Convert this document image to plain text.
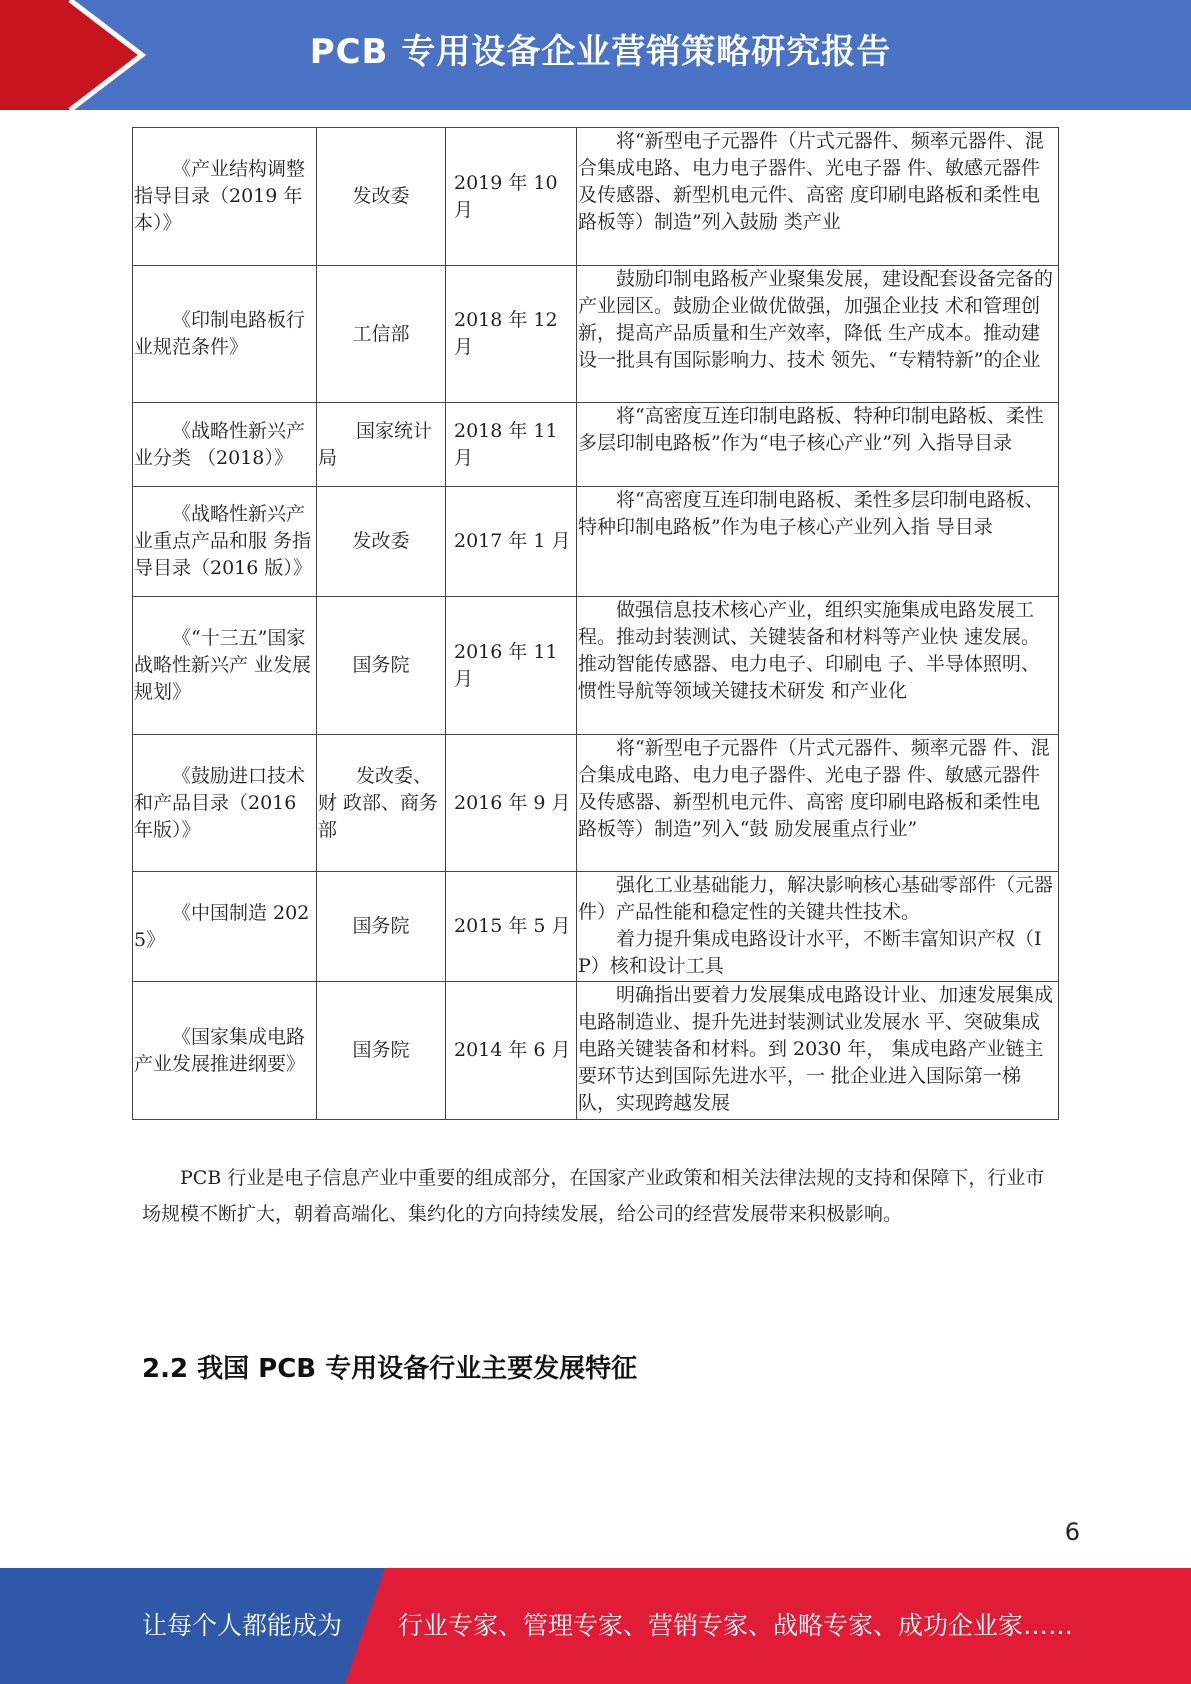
PCB 专用设备企业营销策略研究报告
《产业结构调整指导目录（2019 年本）》	发改委	2019 年 10 月	将“新型电子元器件（片式元器件、频率元器件、混合集成电路、电力电子器件、光电子器 件、敏感元器件及传感器、新型机电元件、高密 度印刷电路板和柔性电路板等）制造”列入鼓励 类产业
《印制电路板行业规范条件》	工信部	2018 年 12 月	鼓励印制电路板产业聚集发展，建设配套设备完备的产业园区。鼓励企业做优做强，加强企业技 术和管理创新，提高产品质量和生产效率，降低 生产成本。推动建设一批具有国际影响力、技术 领先、“专精特新”的企业
《战略性新兴产业分类 （2018）》	国家统计局	2018 年 11 月	将“高密度互连印制电路板、特种印制电路板、柔性多层印制电路板”作为“电子核心产业”列 入指导目录
《战略性新兴产业重点产品和服 务指导目录（2016 版）》	发改委	2017 年 1 月	将“高密度互连印制电路板、柔性多层印制电路板、特种印制电路板”作为电子核心产业列入指 导目录
《“十三五”国家战略性新兴产 业发展规划》	国务院	2016 年 11 月	做强信息技术核心产业，组织实施集成电路发展工程。推动封装测试、关键装备和材料等产业快 速发展。推动智能传感器、电力电子、印刷电 子、半导体照明、惯性导航等领域关键技术研发 和产业化
《鼓励进口技术和产品目录（2016 年版）》	发改委、财 政部、商务 部	2016 年 9 月	将“新型电子元器件（片式元器件、频率元器 件、混合集成电路、电力电子器件、光电子器 件、敏感元器件及传感器、新型机电元件、高密 度印刷电路板和柔性电路板等）制造”列入“鼓 励发展重点行业”
《中国制造 2025》	国务院	2015 年 5 月	强化工业基础能力，解决影响核心基础零部件（元器件）产品性能和稳定性的关键共性技术。
着力提升集成电路设计水平，不断丰富知识产权（IP）核和设计工具

《国家集成电路产业发展推进纲要》	国务院	2014 年 6 月	明确指出要着力发展集成电路设计业、加速发展集成电路制造业、提升先进封装测试业发展水 平、突破集成电路关键装备和材料。到 2030 年， 集成电路产业链主要环节达到国际先进水平，一 批企业进入国际第一梯队，实现跨越发展

PCB 行业是电子信息产业中重要的组成部分，在国家产业政策和相关法律法规的支持和保障下，行业市场规模不断扩大，朝着高端化、集约化的方向持续发展，给公司的经营发展带来积极影响。

2.2 我国 PCB 专用设备行业主要发展特征
6
让每个人都能成为 行业专家、管理专家、营销专家、战略专家、成功企业家……
